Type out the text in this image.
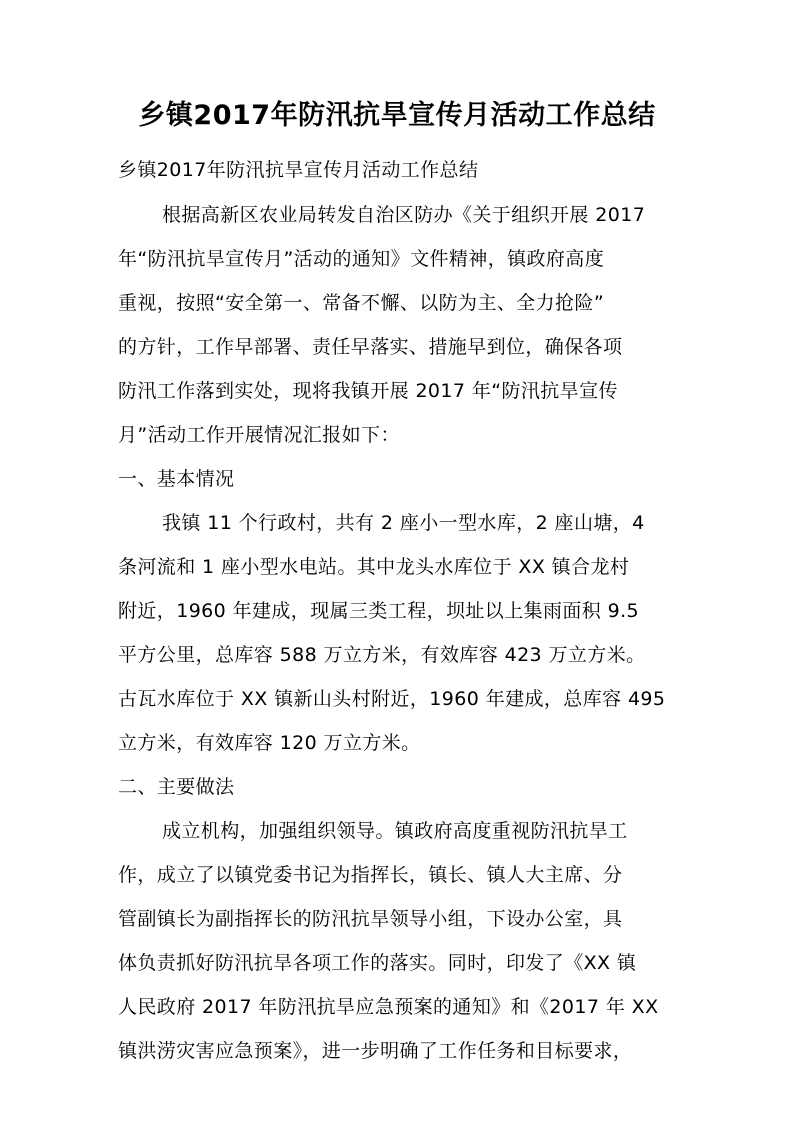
乡镇2017年防汛抗旱宣传月活动工作总结
乡镇2017年防汛抗旱宣传月活动工作总结
根据高新区农业局转发自治区防办《关于组织开展 2017
年“防汛抗旱宣传月”活动的通知》文件精神，镇政府高度
重视，按照“安全第一、常备不懈、以防为主、全力抢险”
的方针，工作早部署、责任早落实、措施早到位，确保各项
防汛工作落到实处，现将我镇开展 2017 年“防汛抗旱宣传
月”活动工作开展情况汇报如下：
一、基本情况
我镇 11 个行政村，共有 2 座小一型水库，2 座山塘，4
条河流和 1 座小型水电站。其中龙头水库位于 XX 镇合龙村
附近，1960 年建成，现属三类工程，坝址以上集雨面积 9.5
平方公里，总库容 588 万立方米，有效库容 423 万立方米。
古瓦水库位于 XX 镇新山头村附近，1960 年建成，总库容 495
立方米，有效库容 120 万立方米。
二、主要做法
成立机构，加强组织领导。镇政府高度重视防汛抗旱工
作，成立了以镇党委书记为指挥长，镇长、镇人大主席、分
管副镇长为副指挥长的防汛抗旱领导小组，下设办公室，具
体负责抓好防汛抗旱各项工作的落实。同时，印发了《XX 镇
人民政府 2017 年防汛抗旱应急预案的通知》和《2017 年 XX
镇洪涝灾害应急预案》，进一步明确了工作任务和目标要求，
